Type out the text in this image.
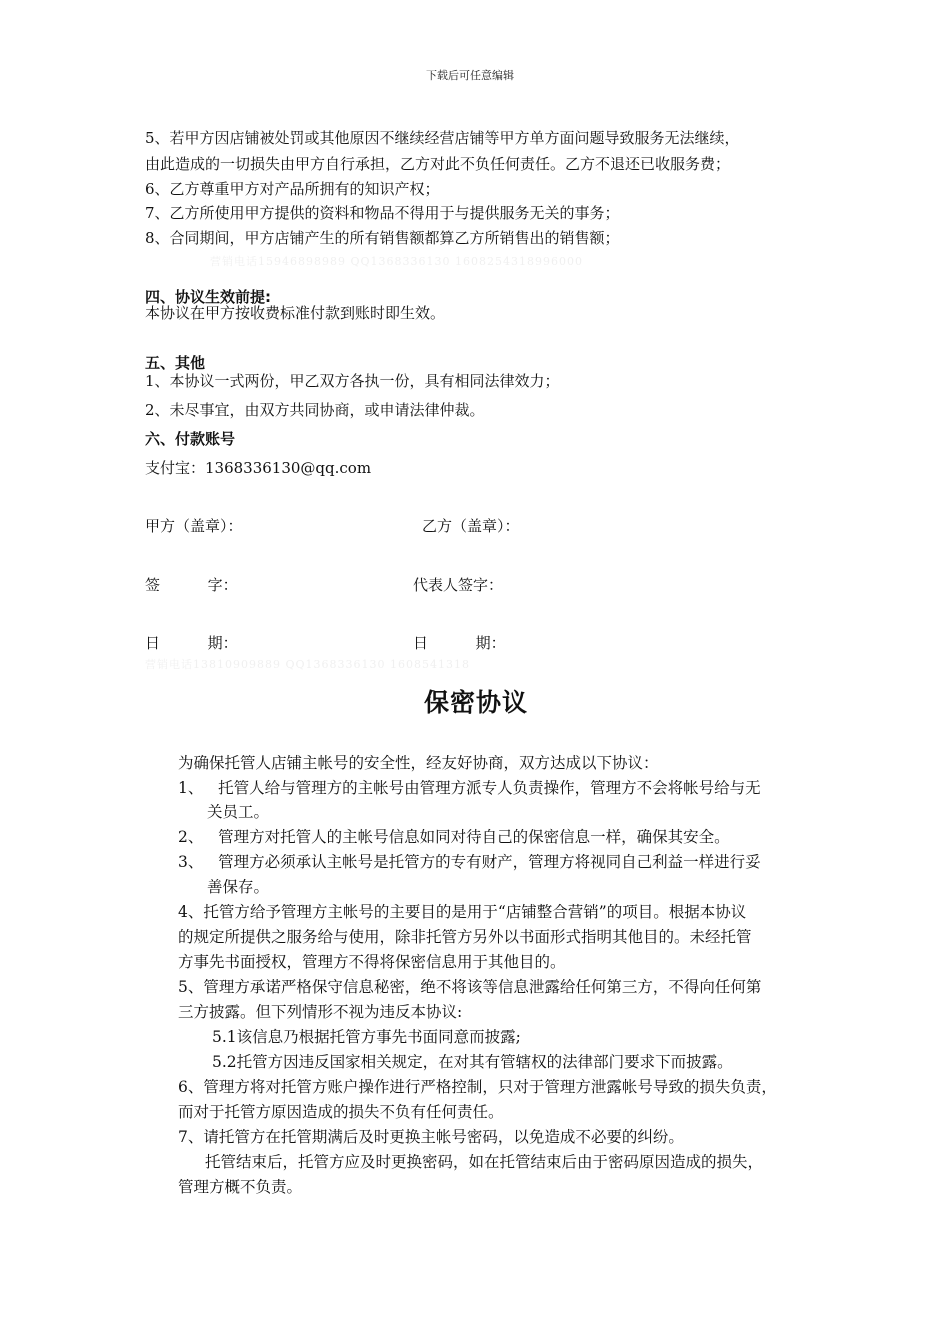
下载后可任意编辑
5、若甲方因店铺被处罚或其他原因不继续经营店铺等甲方单方面问题导致服务无法继续，
由此造成的一切损失由甲方自行承担，乙方对此不负任何责任。乙方不退还已收服务费；
6、乙方尊重甲方对产品所拥有的知识产权；
7、乙方所使用甲方提供的资料和物品不得用于与提供服务无关的事务；
8、合同期间，甲方店铺产生的所有销售额都算乙方所销售出的销售额；
营销电话15946898989 QQ1368336130 1608254318996000
四、协议生效前提:
本协议在甲方按收费标准付款到账时即生效。
五、其他
1、本协议一式两份，甲乙双方各执一份，具有相同法律效力；
2、未尽事宜，由双方共同协商，或申请法律仲裁。
六、付款账号
支付宝：1368336130@qq.com
甲方（盖章）：	乙方（盖章）：
签          字：	代表人签字：
日          期：	日          期：
营销电话13810909889 QQ1368336130 1608541318
保密协议
为确保托管人店铺主帐号的安全性，经友好协商，双方达成以下协议：
1、   托管人给与管理方的主帐号由管理方派专人负责操作，管理方不会将帐号给与无
关员工。
2、   管理方对托管人的主帐号信息如同对待自己的保密信息一样，确保其安全。
3、   管理方必须承认主帐号是托管方的专有财产，管理方将视同自己利益一样进行妥
善保存。
4、托管方给予管理方主帐号的主要目的是用于“店铺整合营销”的项目。根据本协议
的规定所提供之服务给与使用，除非托管方另外以书面形式指明其他目的。未经托管
方事先书面授权，管理方不得将保密信息用于其他目的。
5、管理方承诺严格保守信息秘密，绝不将该等信息泄露给任何第三方，不得向任何第
三方披露。但下列情形不视为违反本协议:
5.1该信息乃根据托管方事先书面同意而披露;
5.2托管方因违反国家相关规定，在对其有管辖权的法律部门要求下而披露。
6、管理方将对托管方账户操作进行严格控制，只对于管理方泄露帐号导致的损失负责，
而对于托管方原因造成的损失不负有任何责任。
7、请托管方在托管期满后及时更换主帐号密码，以免造成不必要的纠纷。
托管结束后，托管方应及时更换密码，如在托管结束后由于密码原因造成的损失，
管理方概不负责。
